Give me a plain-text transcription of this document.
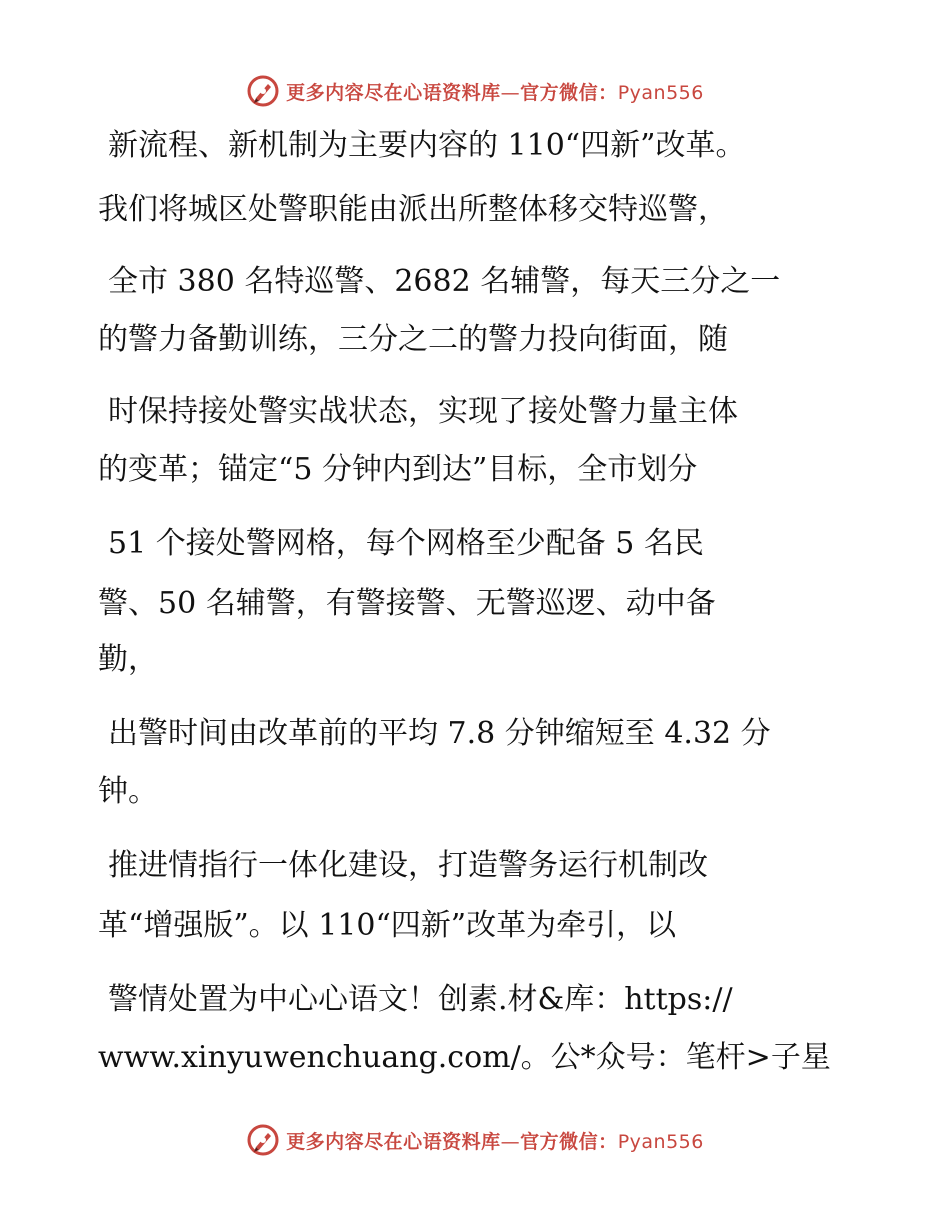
更多内容尽在心语资料库—官方微信：Pyan556
新流程、新机制为主要内容的 110“四新”改革。
我们将城区处警职能由派出所整体移交特巡警，
全市 380 名特巡警、2682 名辅警，每天三分之一
的警力备勤训练，三分之二的警力投向街面，随
时保持接处警实战状态，实现了接处警力量主体
的变革；锚定“5 分钟内到达”目标，全市划分
51 个接处警网格，每个网格至少配备 5 名民
警、50 名辅警，有警接警、无警巡逻、动中备
勤，
出警时间由改革前的平均 7.8 分钟缩短至 4.32 分
钟。
推进情指行一体化建设，打造警务运行机制改
革“增强版”。以 110“四新”改革为牵引，以
警情处置为中心心语文！创素.材&库：https://
www.xinyuwenchuang.com/。公*众号：笔杆>子星
更多内容尽在心语资料库—官方微信：Pyan556
